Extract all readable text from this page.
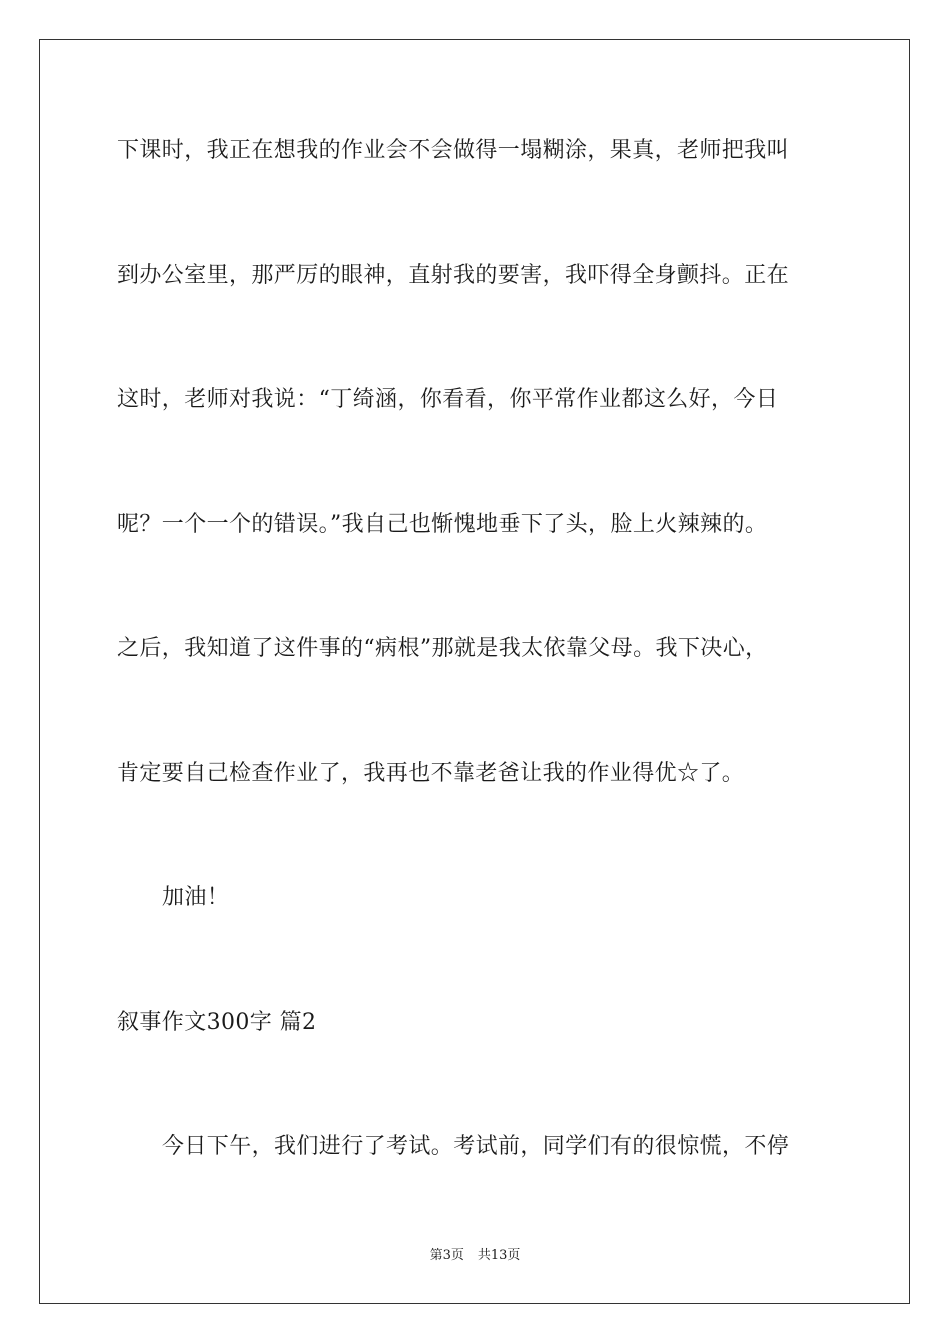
下课时，我正在想我的作业会不会做得一塌糊涂，果真，老师把我叫
到办公室里，那严厉的眼神，直射我的要害，我吓得全身颤抖。正在
这时，老师对我说：“丁绮涵，你看看，你平常作业都这么好，今日
呢？一个一个的错误。”我自己也惭愧地垂下了头，脸上火辣辣的。
之后，我知道了这件事的“病根”那就是我太依靠父母。我下决心，
肯定要自己检查作业了，我再也不靠老爸让我的作业得优☆了。
加油！
叙事作文300字 篇2
今日下午，我们进行了考试。考试前，同学们有的很惊慌，不停
第3页 共13页
